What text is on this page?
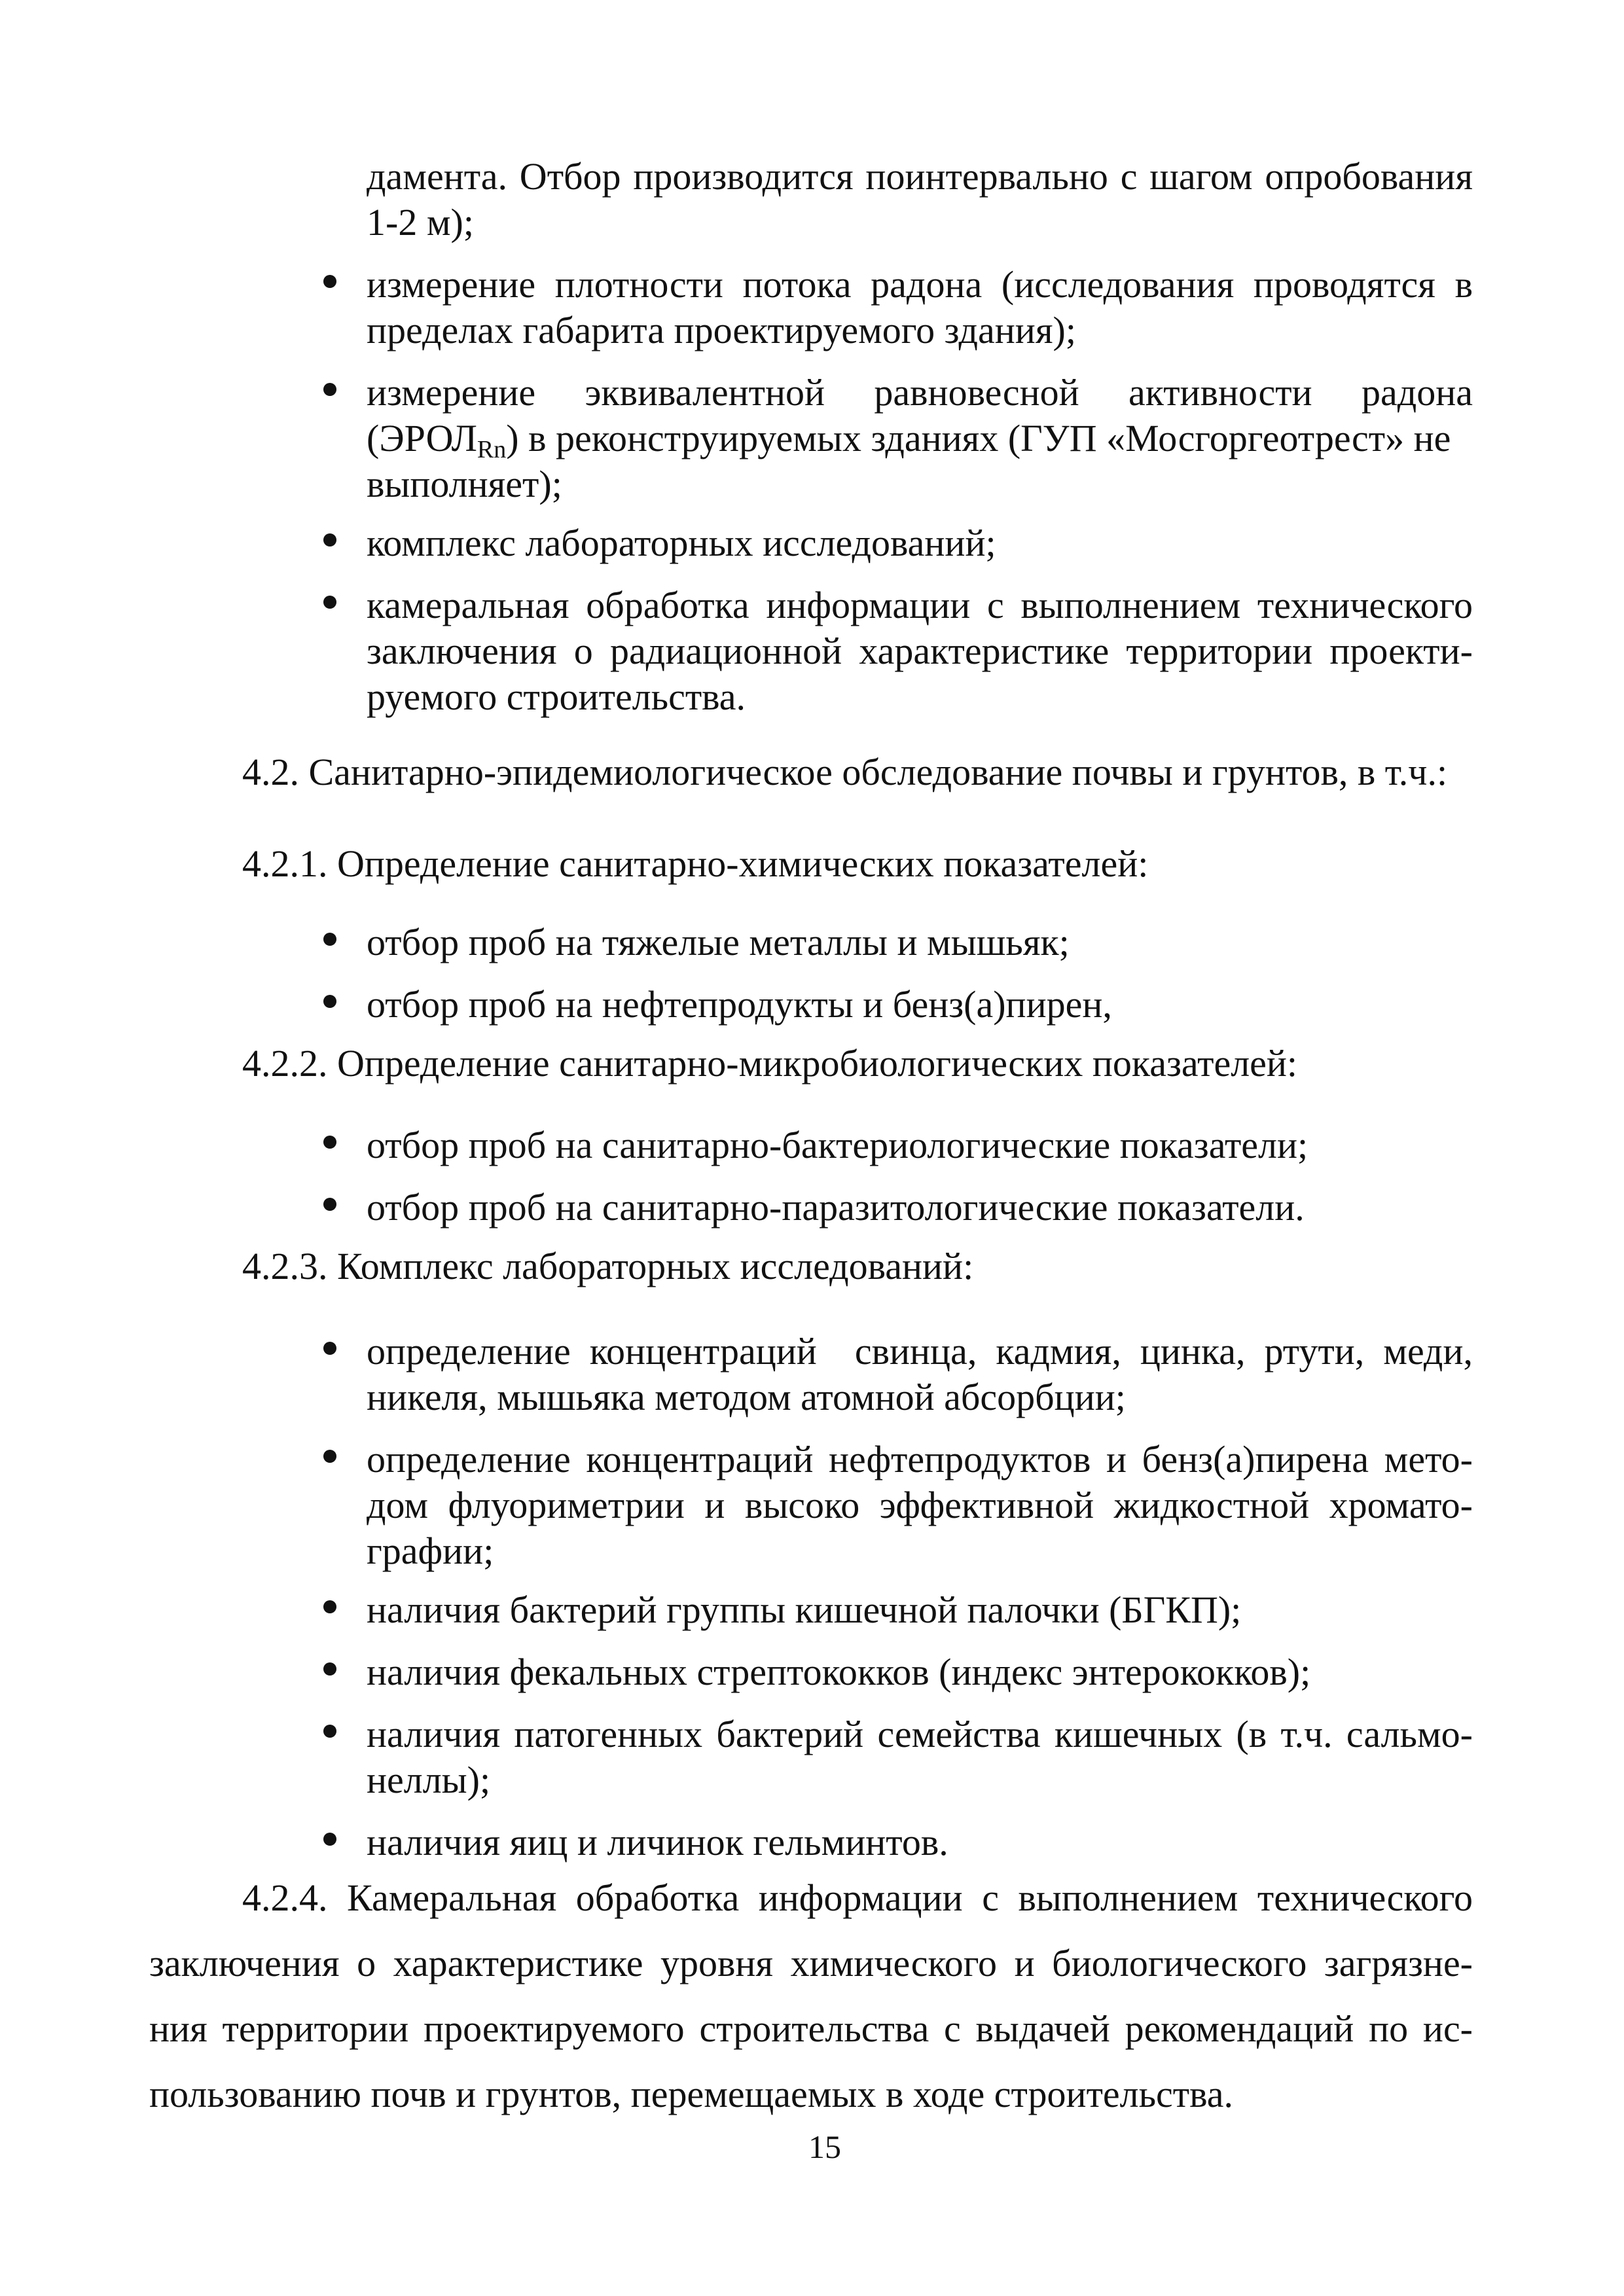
дамента. Отбор производится поинтервально с шагом опробования
1-2 м);
измерение плотности потока радона (исследования проводятся в
пределах габарита проектируемого здания);
измерение эквивалентной равновесной активности радона
$(ЭРОЛ_{Rn})$ в реконструируемых зданиях (ГУП «Мосгоргеотрест» не
выполняет);
комплекс лабораторных исследований;
камеральная обработка информации с выполнением технического
заключения о радиационной характеристике территории проекти-
руемого строительства.
4.2. Санитарно-эпидемиологическое обследование почвы и грунтов, в т.ч.:
4.2.1. Определение санитарно-химических показателей:
отбор проб на тяжелые металлы и мышьяк;
отбор проб на нефтепродукты и бенз(а)пирен,
4.2.2. Определение санитарно-микробиологических показателей:
отбор проб на санитарно-бактериологические показатели;
отбор проб на санитарно-паразитологические показатели.
4.2.3. Комплекс лабораторных исследований:
определение концентраций  свинца, кадмия, цинка, ртути, меди,
никеля, мышьяка методом атомной абсорбции;
определение концентраций нефтепродуктов и бенз(а)пирена мето-
дом флуориметрии и высоко эффективной жидкостной хромато-
графии;
наличия бактерий группы кишечной палочки (БГКП);
наличия фекальных стрептококков (индекс энтерококков);
наличия патогенных бактерий семейства кишечных (в т.ч. сальмо-
неллы);
наличия яиц и личинок гельминтов.
4.2.4. Камеральная обработка информации с выполнением технического
заключения о характеристике уровня химического и биологического загрязне-
ния территории проектируемого строительства с выдачей рекомендаций по ис-
пользованию почв и грунтов, перемещаемых в ходе строительства.
15
